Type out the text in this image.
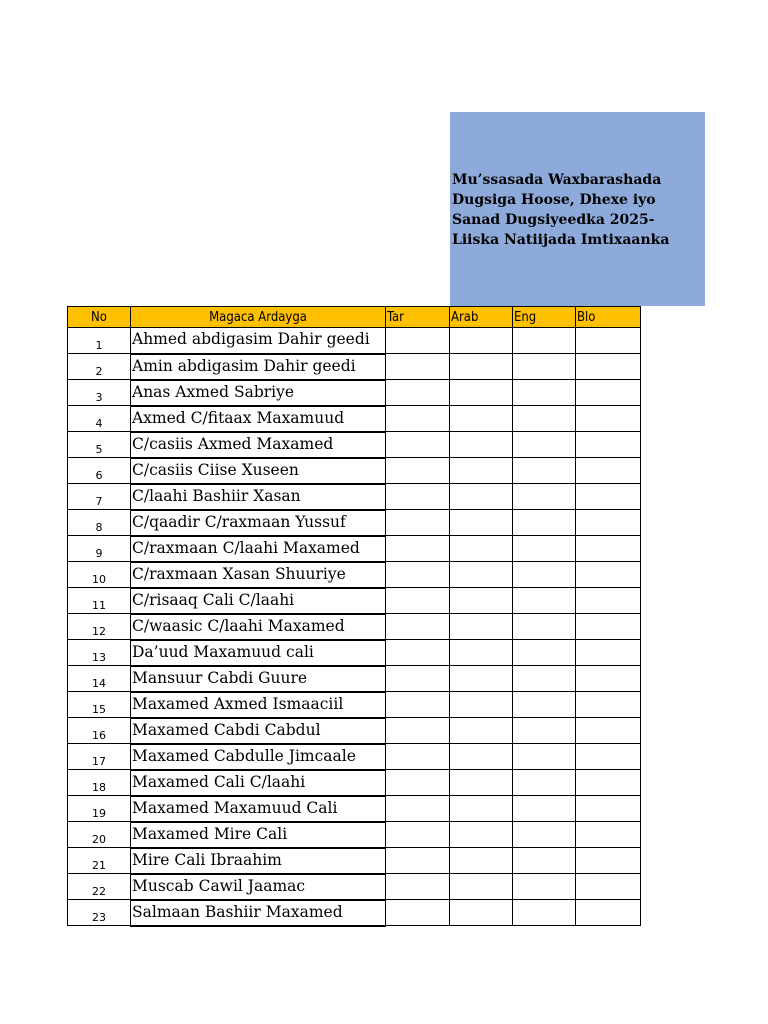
Mu’ssasada Waxbarashada
Dugsiga Hoose, Dhexe iyo
Sanad Dugsiyeedka 2025-
Liiska Natiijada Imtixaanka
No	Magaca Ardayga	Tar	Arab	Eng	Blo
1	Ahmed abdigasim Dahir geedi				
2	Amin abdigasim Dahir geedi				
3	Anas Axmed Sabriye				
4	Axmed C/fitaax Maxamuud				
5	C/casiis Axmed Maxamed				
6	C/casiis Ciise Xuseen				
7	C/laahi Bashiir Xasan				
8	C/qaadir C/raxmaan Yussuf				
9	C/raxmaan C/laahi Maxamed				
10	C/raxmaan Xasan Shuuriye				
11	C/risaaq Cali C/laahi				
12	C/waasic C/laahi Maxamed				
13	Da’uud Maxamuud cali				
14	Mansuur Cabdi Guure				
15	Maxamed Axmed Ismaaciil				
16	Maxamed Cabdi Cabdul				
17	Maxamed Cabdulle Jimcaale				
18	Maxamed Cali C/laahi				
19	Maxamed Maxamuud Cali				
20	Maxamed Mire Cali				
21	Mire Cali Ibraahim				
22	Muscab Cawil Jaamac				
23	Salmaan Bashiir Maxamed				
